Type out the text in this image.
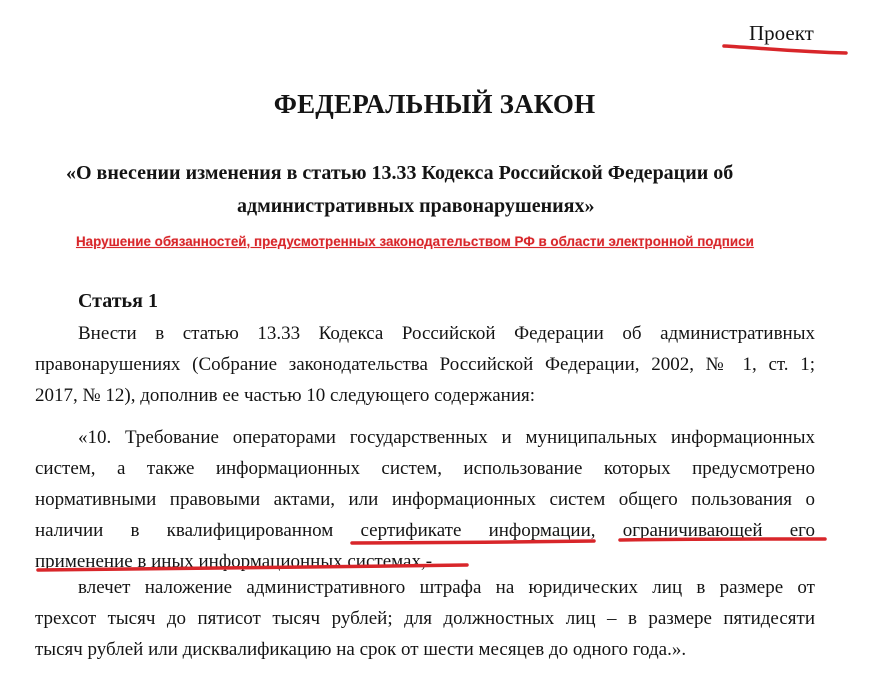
Проект
ФЕДЕРАЛЬНЫЙ ЗАКОН
«О внесении изменения в статью 13.33 Кодекса Российской Федерации об
административных правонарушениях»
Нарушение обязанностей, предусмотренных законодательством РФ в области электронной подписи
Статья 1
Внести в статью 13.33 Кодекса Российской Федерации об административных
правонарушениях (Собрание законодательства Российской Федерации, 2002, № 1, ст. 1;
2017, № 12), дополнив ее частью 10 следующего содержания:
«10. Требование операторами государственных и муниципальных информационных
систем, а также информационных систем, использование которых предусмотрено
нормативными правовыми актами, или информационных систем общего пользования о
наличии в квалифицированном сертификате информации, ограничивающей его
применение в иных информационных системах,-
влечет наложение административного штрафа на юридических лиц в размере от
трехсот тысяч до пятисот тысяч рублей; для должностных лиц – в размере пятидесяти
тысяч рублей или дисквалификацию на срок от шести месяцев до одного года.».
